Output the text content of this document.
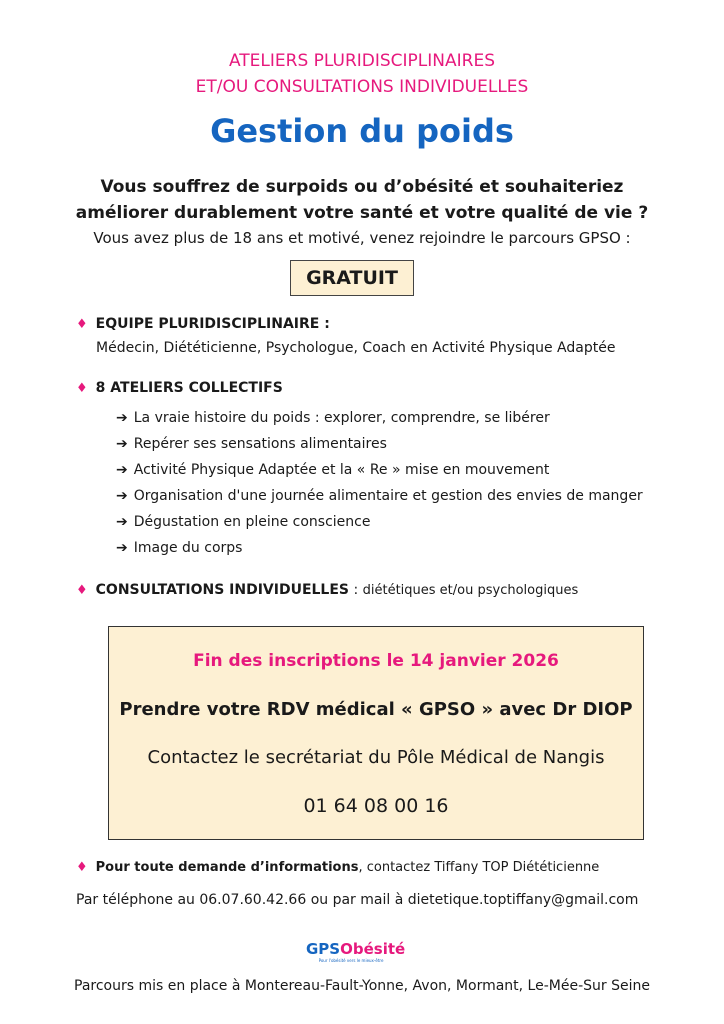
ATELIERS PLURIDISCIPLINAIRES
ET/OU CONSULTATIONS INDIVIDUELLES
Gestion du poids
Vous souffrez de surpoids ou d’obésité et souhaiteriez
améliorer durablement votre santé et votre qualité de vie ?
Vous avez plus de 18 ans et motivé, venez rejoindre le parcours GPSO :
GRATUIT
♦ EQUIPE PLURIDISCIPLINAIRE :
Médecin, Diététicienne, Psychologue, Coach en Activité Physique Adaptée
♦ 8 ATELIERS COLLECTIFS
➔ La vraie histoire du poids : explorer, comprendre, se libérer
➔ Repérer ses sensations alimentaires
➔ Activité Physique Adaptée et la « Re » mise en mouvement
➔ Organisation d'une journée alimentaire et gestion des envies de manger
➔ Dégustation en pleine conscience
➔ Image du corps
♦ CONSULTATIONS INDIVIDUELLES : diététiques et/ou psychologiques
Fin des inscriptions le 14 janvier 2026
Prendre votre RDV médical « GPSO » avec Dr DIOP
Contactez le secrétariat du Pôle Médical de Nangis
01 64 08 00 16
♦ Pour toute demande d’informations, contactez Tiffany TOP Diététicienne
Par téléphone au 06.07.60.42.66 ou par mail à dietetique.toptiffany@gmail.com
GPSObésité
Pour l'obésité vers le mieux-être
Parcours mis en place à Montereau-Fault-Yonne, Avon, Mormant, Le-Mée-Sur Seine
